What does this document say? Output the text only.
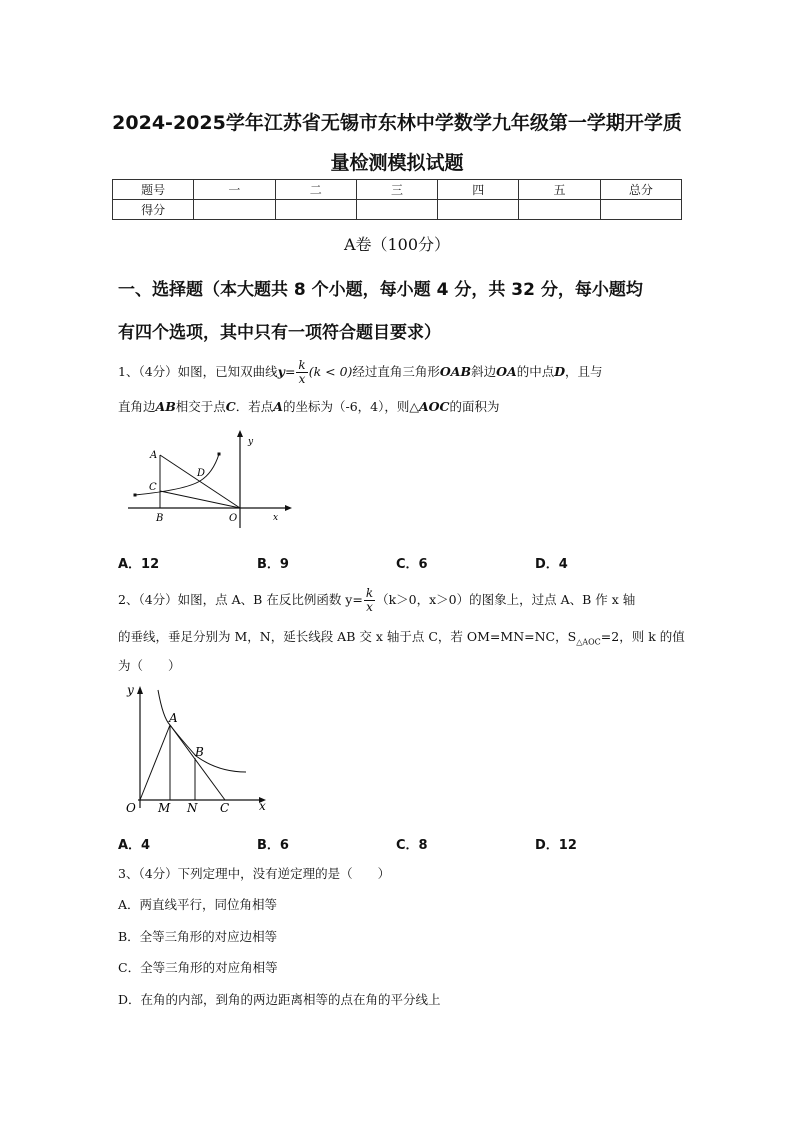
2024-2025学年江苏省无锡市东林中学数学九年级第一学期开学质
量检测模拟试题
题号	一	二	三	四	五	总分
得分						
A卷（100分）
一、选择题（本大题共 8 个小题，每小题 4 分，共 32 分，每小题均
有四个选项，其中只有一项符合题目要求）
1、（4分）如图，已知双曲线$y= \frac{k}{x} (k < 0)$经过直角三角形OAB斜边OA的中点D，且与
直角边AB相交于点C．若点A的坐标为（-6，4），则△AOC的面积为
A
C
D
B	O	x
y
A．12	B．9	C．6	D．4
2、（4分）如图，点 A、B 在反比例函数 $y= \frac{k}{x} (k>0$，x＞0）的图象上，过点 A、B 作 x 轴
的垂线，垂足分别为 M，N，延长线段 AB 交 x 轴于点 C，若 OM=MN=NC，$S_{\triangle AOC}=2$，则 k 的值
为（　　）
y
A
B
O M N C x
A．4	B．6	C．8	D．12
3、（4分）下列定理中，没有逆定理的是（　　）
A．两直线平行，同位角相等
B．全等三角形的对应边相等
C．全等三角形的对应角相等
D．在角的内部，到角的两边距离相等的点在角的平分线上
